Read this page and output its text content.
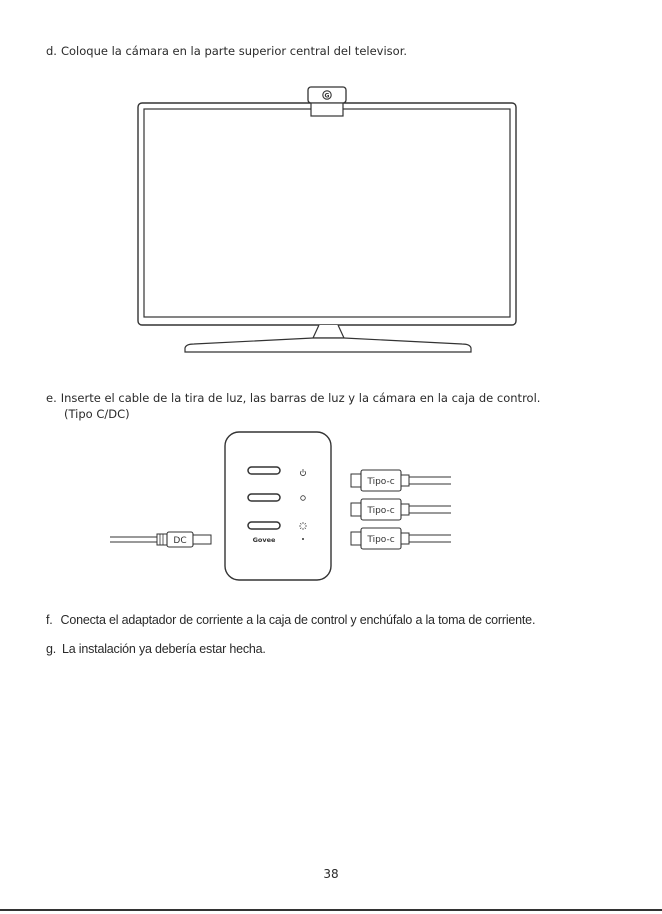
d. Coloque la cámara en la parte superior central del televisor.
G
e. Inserte el cable de la tira de luz, las barras de luz y la cámara en la caja de control.
(Tipo C/DC)
DC	Govee
Tipo-c
Tipo-c
Tipo-c
f. Conecta el adaptador de corriente a la caja de control y enchúfalo a la toma de corriente.
g. La instalación ya debería estar hecha.
38
